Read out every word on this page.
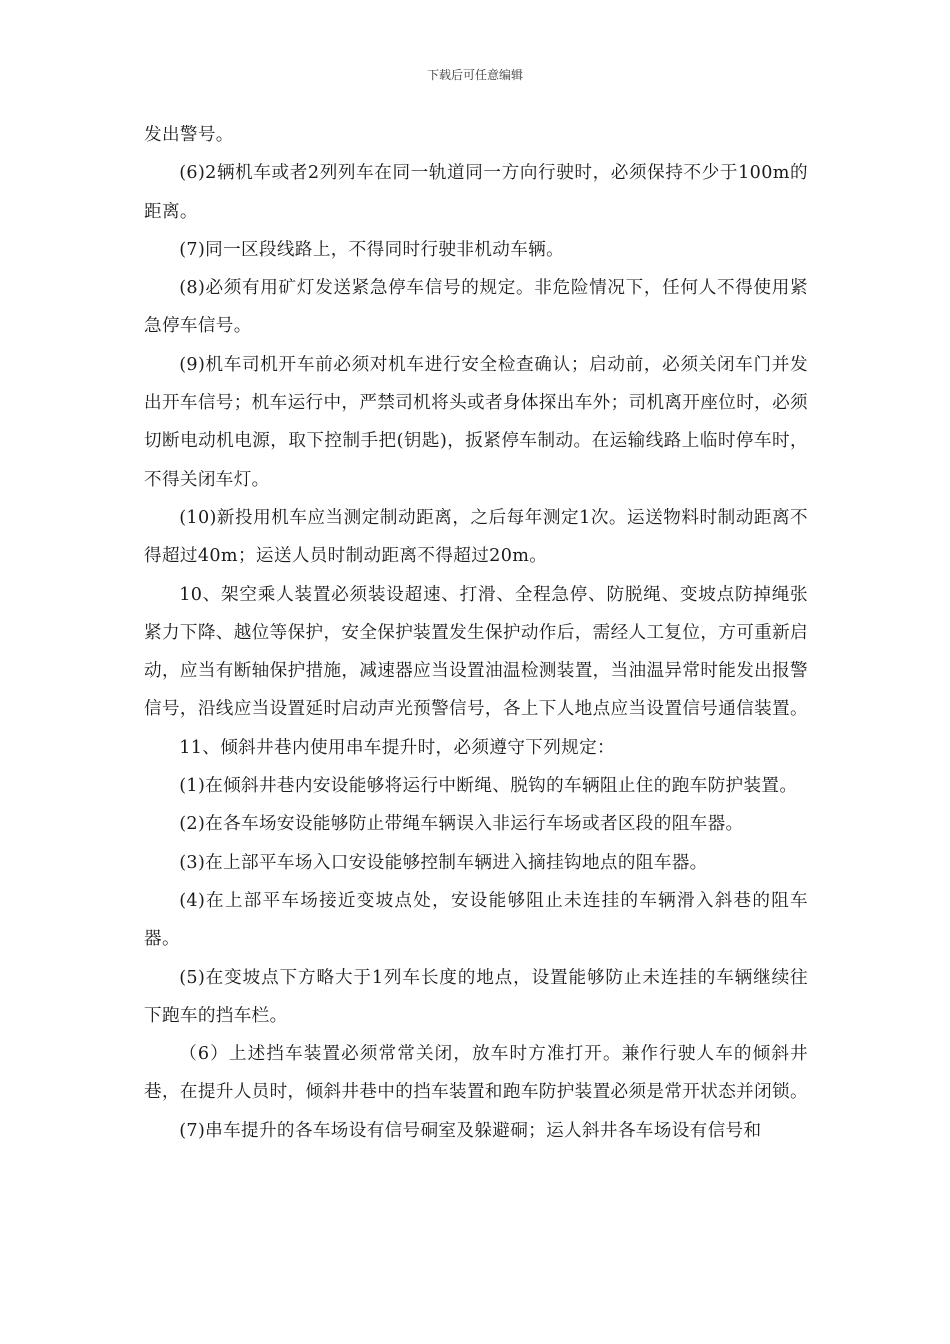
下载后可任意编辑

发出警号。

(6)2辆机车或者2列列车在同一轨道同一方向行驶时，必须保持不少于100m的距离。

(7)同一区段线路上，不得同时行驶非机动车辆。

(8)必须有用矿灯发送紧急停车信号的规定。非危险情况下，任何人不得使用紧急停车信号。

(9)机车司机开车前必须对机车进行安全检查确认；启动前，必须关闭车门并发出开车信号；机车运行中，严禁司机将头或者身体探出车外；司机离开座位时，必须切断电动机电源，取下控制手把(钥匙)，扳紧停车制动。在运输线路上临时停车时，不得关闭车灯。

(10)新投用机车应当测定制动距离，之后每年测定1次。运送物料时制动距离不得超过40m；运送人员时制动距离不得超过20m。

10、架空乘人装置必须装设超速、打滑、全程急停、防脱绳、变坡点防掉绳张紧力下降、越位等保护，安全保护装置发生保护动作后，需经人工复位，方可重新启动，应当有断轴保护措施，减速器应当设置油温检测装置，当油温异常时能发出报警信号，沿线应当设置延时启动声光预警信号，各上下人地点应当设置信号通信装置。

11、倾斜井巷内使用串车提升时，必须遵守下列规定：

(1)在倾斜井巷内安设能够将运行中断绳、脱钩的车辆阻止住的跑车防护装置。

(2)在各车场安设能够防止带绳车辆误入非运行车场或者区段的阻车器。

(3)在上部平车场入口安设能够控制车辆进入摘挂钩地点的阻车器。

(4)在上部平车场接近变坡点处，安设能够阻止未连挂的车辆滑入斜巷的阻车器。

(5)在变坡点下方略大于1列车长度的地点，设置能够防止未连挂的车辆继续往下跑车的挡车栏。

（6）上述挡车装置必须常常关闭，放车时方准打开。兼作行驶人车的倾斜井巷，在提升人员时，倾斜井巷中的挡车装置和跑车防护装置必须是常开状态并闭锁。

(7)串车提升的各车场设有信号硐室及躲避硐；运人斜井各车场设有信号和
